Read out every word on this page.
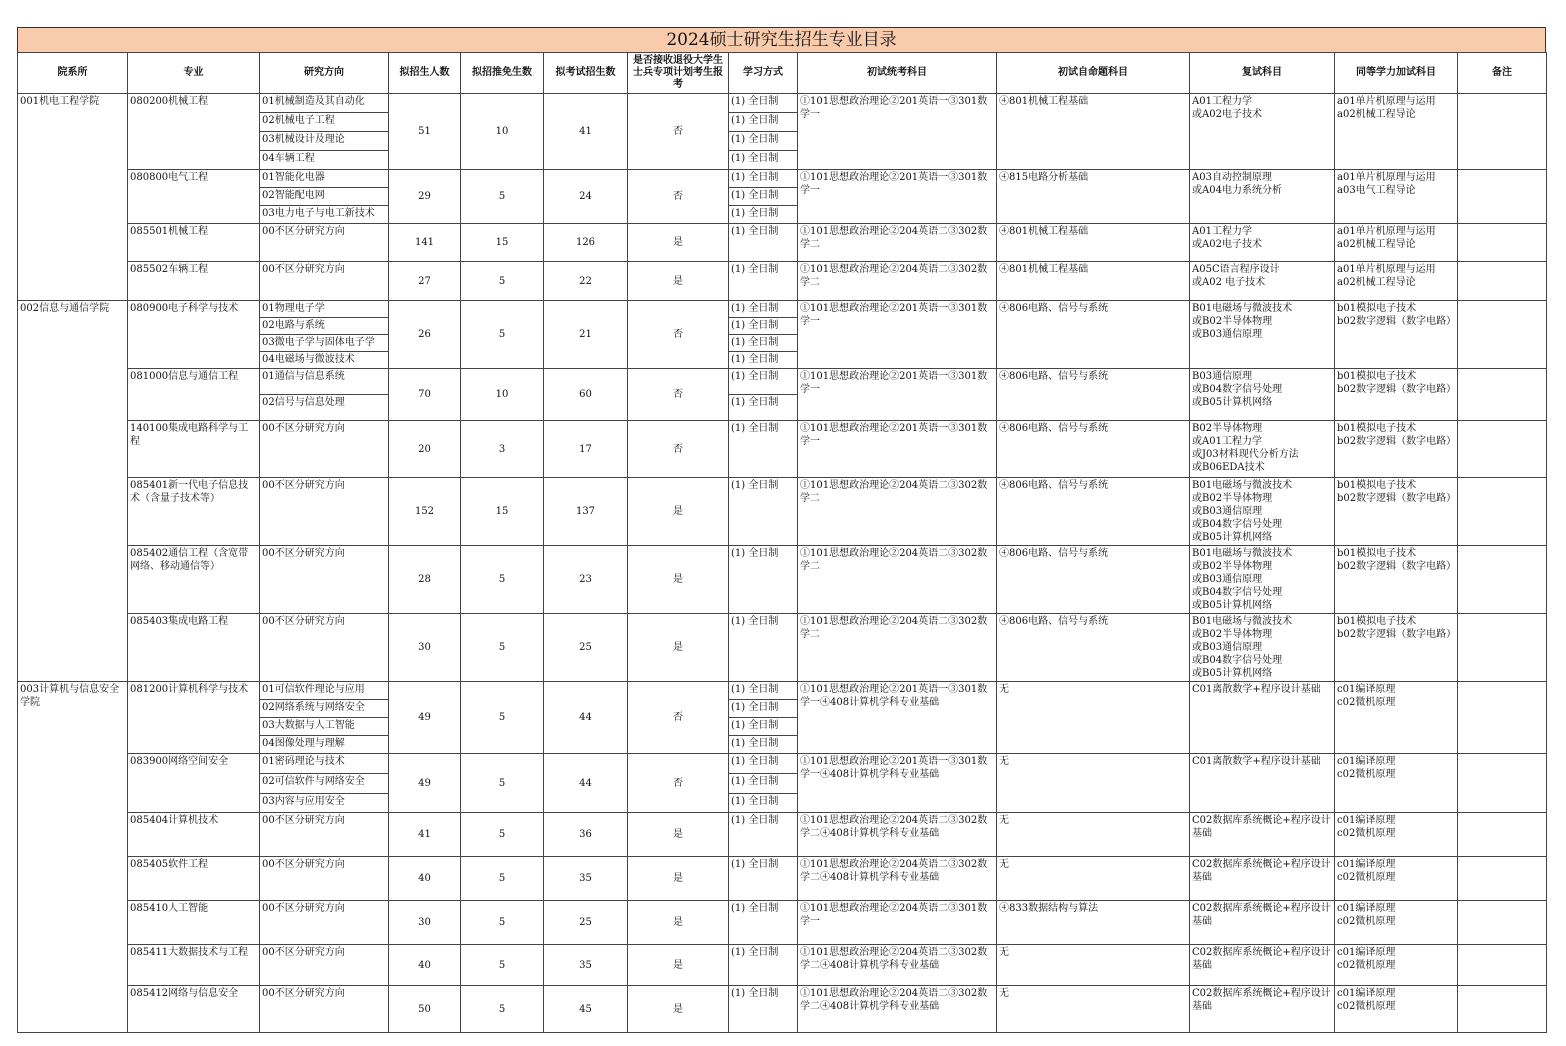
2024硕士研究生招生专业目录
院系所	专业	研究方向	拟招生人数	拟招推免生数	拟考试招生数	是否接收退役大学生士兵专项计划考生报考	学习方式	初试统考科目	初试自命题科目	复试科目	同等学力加试科目	备注
001机电工程学院	080200机械工程	01机械制造及其自动化	51	10	41	否	(1) 全日制	①101思想政治理论②201英语一③301数学一	④801机械工程基础	A01工程力学
或A02电子技术	a01单片机原理与运用
a02机械工程导论	
		02机械电子工程					(1) 全日制					
		03机械设计及理论					(1) 全日制					
		04车辆工程					(1) 全日制					
	080800电气工程	01智能化电器	29	5	24	否	(1) 全日制	①101思想政治理论②201英语一③301数学一	④815电路分析基础	A03自动控制原理
或A04电力系统分析	a01单片机原理与运用
a03电气工程导论	
		02智能配电网					(1) 全日制					
		03电力电子与电工新技术					(1) 全日制					
	085501机械工程	00不区分研究方向	141	15	126	是	(1) 全日制	①101思想政治理论②204英语二③302数学二	④801机械工程基础	A01工程力学
或A02电子技术	a01单片机原理与运用
a02机械工程导论	
	085502车辆工程	00不区分研究方向	27	5	22	是	(1) 全日制	①101思想政治理论②204英语二③302数学二	④801机械工程基础	A05C语言程序设计
或A02 电子技术	a01单片机原理与运用
a02机械工程导论	
002信息与通信学院	080900电子科学与技术	01物理电子学	26	5	21	否	(1) 全日制	①101思想政治理论②201英语一③301数学一	④806电路、信号与系统	B01电磁场与微波技术
或B02半导体物理
或B03通信原理	b01模拟电子技术
b02数字逻辑（数字电路）	
		02电路与系统					(1) 全日制					
		03微电子学与固体电子学					(1) 全日制					
		04电磁场与微波技术					(1) 全日制					
	081000信息与通信工程	01通信与信息系统	70	10	60	否	(1) 全日制	①101思想政治理论②201英语一③301数学一	④806电路、信号与系统	B03通信原理
或B04数字信号处理
或B05计算机网络	b01模拟电子技术
b02数字逻辑（数字电路）	
		02信号与信息处理					(1) 全日制					
	140100集成电路科学与工程	00不区分研究方向	20	3	17	否	(1) 全日制	①101思想政治理论②201英语一③301数学一	④806电路、信号与系统	B02半导体物理
或A01工程力学
或J03材料现代分析方法
或B06EDA技术	b01模拟电子技术
b02数字逻辑（数字电路）	
	085401新一代电子信息技术（含量子技术等）	00不区分研究方向	152	15	137	是	(1) 全日制	①101思想政治理论②204英语二③302数学二	④806电路、信号与系统	B01电磁场与微波技术
或B02半导体物理
或B03通信原理
或B04数字信号处理
或B05计算机网络	b01模拟电子技术
b02数字逻辑（数字电路）	
	085402通信工程（含宽带网络、移动通信等）	00不区分研究方向	28	5	23	是	(1) 全日制	①101思想政治理论②204英语二③302数学二	④806电路、信号与系统	B01电磁场与微波技术
或B02半导体物理
或B03通信原理
或B04数字信号处理
或B05计算机网络	b01模拟电子技术
b02数字逻辑（数字电路）	
	085403集成电路工程	00不区分研究方向	30	5	25	是	(1) 全日制	①101思想政治理论②204英语二③302数学二	④806电路、信号与系统	B01电磁场与微波技术
或B02半导体物理
或B03通信原理
或B04数字信号处理
或B05计算机网络	b01模拟电子技术
b02数字逻辑（数字电路）	
003计算机与信息安全学院	081200计算机科学与技术	01可信软件理论与应用	49	5	44	否	(1) 全日制	①101思想政治理论②201英语一③301数学一④408计算机学科专业基础	无	C01离散数学+程序设计基础	c01编译原理
c02微机原理	
		02网络系统与网络安全					(1) 全日制					
		03大数据与人工智能					(1) 全日制					
		04图像处理与理解					(1) 全日制					
	083900网络空间安全	01密码理论与技术	49	5	44	否	(1) 全日制	①101思想政治理论②201英语一③301数学一④408计算机学科专业基础	无	C01离散数学+程序设计基础	c01编译原理
c02微机原理	
		02可信软件与网络安全					(1) 全日制					
		03内容与应用安全					(1) 全日制					
	085404计算机技术	00不区分研究方向	41	5	36	是	(1) 全日制	①101思想政治理论②204英语二③302数学二④408计算机学科专业基础	无	C02数据库系统概论+程序设计基础	c01编译原理
c02微机原理	
	085405软件工程	00不区分研究方向	40	5	35	是	(1) 全日制	①101思想政治理论②204英语二③302数学二④408计算机学科专业基础	无	C02数据库系统概论+程序设计基础	c01编译原理
c02微机原理	
	085410人工智能	00不区分研究方向	30	5	25	是	(1) 全日制	①101思想政治理论②204英语二③301数学一	④833数据结构与算法	C02数据库系统概论+程序设计基础	c01编译原理
c02微机原理	
	085411大数据技术与工程	00不区分研究方向	40	5	35	是	(1) 全日制	①101思想政治理论②204英语二③302数学二④408计算机学科专业基础	无	C02数据库系统概论+程序设计基础	c01编译原理
c02微机原理	
	085412网络与信息安全	00不区分研究方向	50	5	45	是	(1) 全日制	①101思想政治理论②204英语二③302数学二④408计算机学科专业基础	无	C02数据库系统概论+程序设计基础	c01编译原理
c02微机原理	
